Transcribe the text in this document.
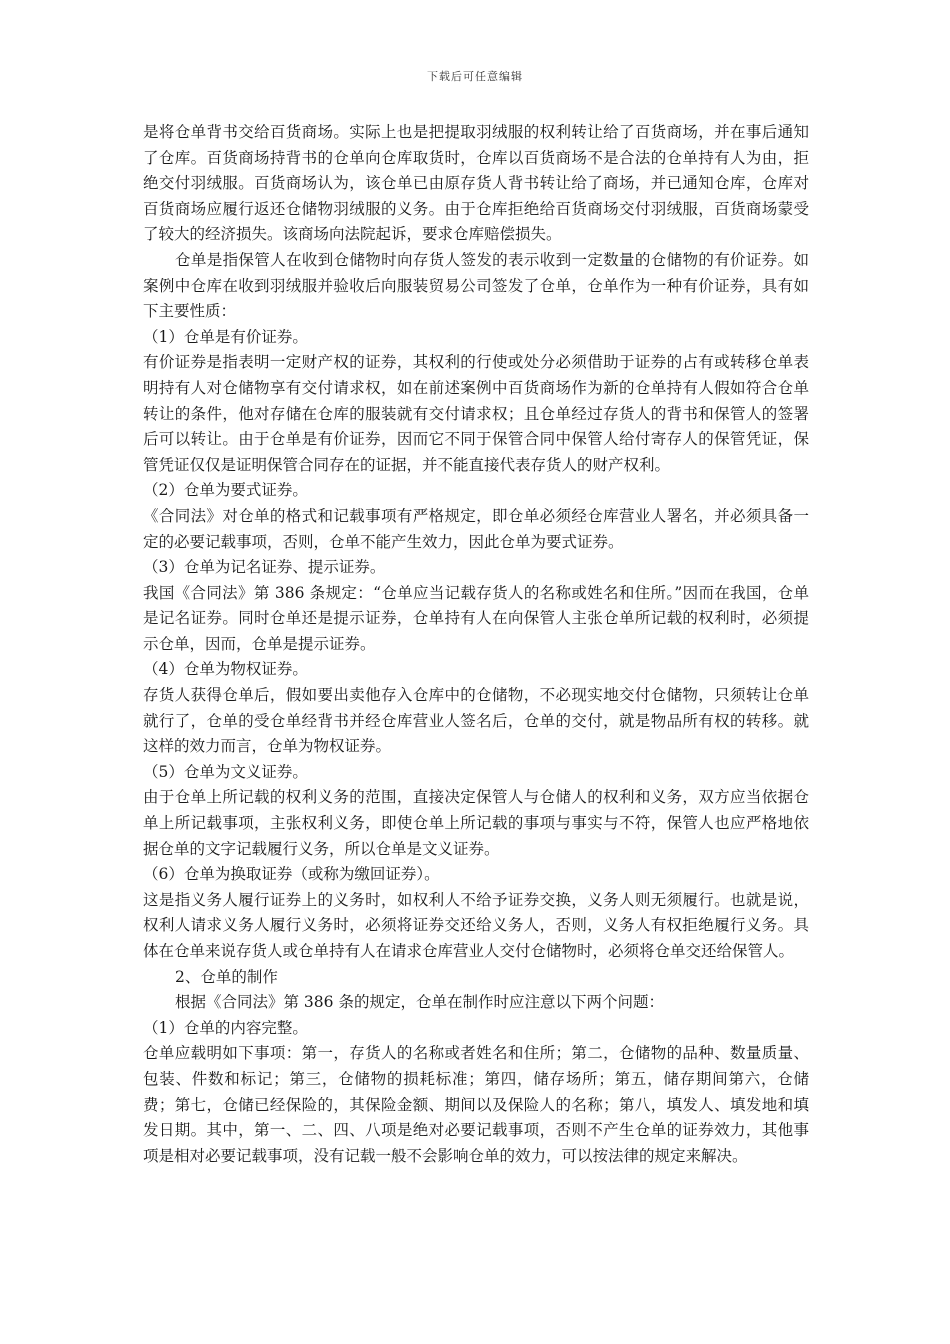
下载后可任意编辑

是将仓单背书交给百货商场。实际上也是把提取羽绒服的权利转让给了百货商场，并在事后通知了仓库。百货商场持背书的仓单向仓库取货时，仓库以百货商场不是合法的仓单持有人为由，拒绝交付羽绒服。百货商场认为，该仓单已由原存货人背书转让给了商场，并已通知仓库，仓库对百货商场应履行返还仓储物羽绒服的义务。由于仓库拒绝给百货商场交付羽绒服，百货商场蒙受了较大的经济损失。该商场向法院起诉，要求仓库赔偿损失。

仓单是指保管人在收到仓储物时向存货人签发的表示收到一定数量的仓储物的有价证券。如案例中仓库在收到羽绒服并验收后向服装贸易公司签发了仓单，仓单作为一种有价证券，具有如下主要性质：

（1）仓单是有价证券。

有价证券是指表明一定财产权的证券，其权利的行使或处分必须借助于证券的占有或转移仓单表明持有人对仓储物享有交付请求权，如在前述案例中百货商场作为新的仓单持有人假如符合仓单转让的条件，他对存储在仓库的服装就有交付请求权；且仓单经过存货人的背书和保管人的签署后可以转让。由于仓单是有价证券，因而它不同于保管合同中保管人给付寄存人的保管凭证，保管凭证仅仅是证明保管合同存在的证据，并不能直接代表存货人的财产权利。

（2）仓单为要式证券。

《合同法》对仓单的格式和记载事项有严格规定，即仓单必须经仓库营业人署名，并必须具备一定的必要记载事项，否则，仓单不能产生效力，因此仓单为要式证券。

（3）仓单为记名证券、提示证券。

我国《合同法》第 386 条规定：“仓单应当记载存货人的名称或姓名和住所。”因而在我国，仓单是记名证券。同时仓单还是提示证券，仓单持有人在向保管人主张仓单所记载的权利时，必须提示仓单，因而，仓单是提示证券。

（4）仓单为物权证券。

存货人获得仓单后，假如要出卖他存入仓库中的仓储物，不必现实地交付仓储物，只须转让仓单就行了，仓单的受仓单经背书并经仓库营业人签名后，仓单的交付，就是物品所有权的转移。就这样的效力而言，仓单为物权证券。

（5）仓单为文义证券。

由于仓单上所记载的权利义务的范围，直接决定保管人与仓储人的权利和义务，双方应当依据仓单上所记载事项，主张权利义务，即使仓单上所记载的事项与事实与不符，保管人也应严格地依据仓单的文字记载履行义务，所以仓单是文义证券。

（6）仓单为换取证券（或称为缴回证券）。

这是指义务人履行证券上的义务时，如权利人不给予证券交换，义务人则无须履行。也就是说，权利人请求义务人履行义务时，必须将证券交还给义务人，否则，义务人有权拒绝履行义务。具体在仓单来说存货人或仓单持有人在请求仓库营业人交付仓储物时，必须将仓单交还给保管人。

2、仓单的制作

根据《合同法》第 386 条的规定，仓单在制作时应注意以下两个问题：

（1）仓单的内容完整。

仓单应载明如下事项：第一，存货人的名称或者姓名和住所；第二，仓储物的品种、数量质量、包装、件数和标记；第三，仓储物的损耗标准；第四，储存场所；第五，储存期间第六，仓储费；第七，仓储已经保险的，其保险金额、期间以及保险人的名称；第八，填发人、填发地和填发日期。其中，第一、二、四、八项是绝对必要记载事项，否则不产生仓单的证券效力，其他事项是相对必要记载事项，没有记载一般不会影响仓单的效力，可以按法律的规定来解决。
